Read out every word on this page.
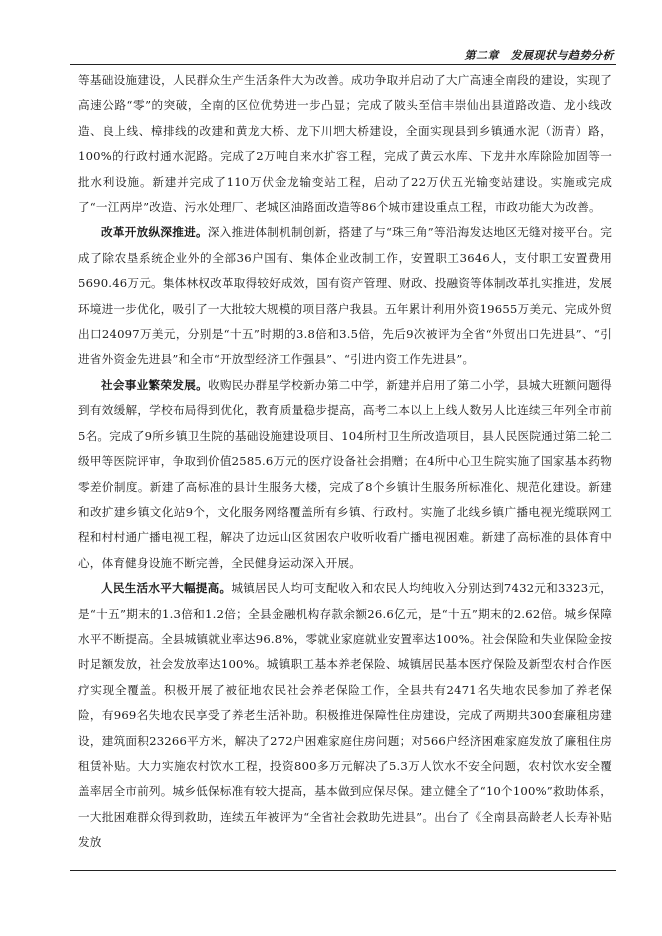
第二章　发展现状与趋势分析

等基础设施建设，人民群众生产生活条件大为改善。成功争取并启动了大广高速全南段的建设，实现了高速公路“零”的突破，全南的区位优势进一步凸显；完成了陂头至信丰崇仙出县道路改造、龙小线改造、良上线、樟排线的改建和黄龙大桥、龙下川垇大桥建设，全面实现县到乡镇通水泥（沥青）路，100%的行政村通水泥路。完成了2万吨自来水扩容工程，完成了黄云水库、下龙井水库除险加固等一批水利设施。新建并完成了110万伏金龙输变站工程，启动了22万伏五光输变站建设。实施或完成了“一江两岸”改造、污水处理厂、老城区油路面改造等86个城市建设重点工程，市政功能大为改善。

改革开放纵深推进。深入推进体制机制创新，搭建了与“珠三角”等沿海发达地区无缝对接平台。完成了除农垦系统企业外的全部36户国有、集体企业改制工作，安置职工3646人，支付职工安置费用5690.46万元。集体林权改革取得较好成效，国有资产管理、财政、投融资等体制改革扎实推进，发展环境进一步优化，吸引了一大批较大规模的项目落户我县。五年累计利用外资19655万美元、完成外贸出口24097万美元，分别是“十五”时期的3.8倍和3.5倍，先后9次被评为全省“外贸出口先进县”、“引进省外资金先进县”和全市“开放型经济工作强县”、“引进内资工作先进县”。

社会事业繁荣发展。收购民办群星学校新办第二中学，新建并启用了第二小学，县城大班额问题得到有效缓解，学校布局得到优化，教育质量稳步提高，高考二本以上上线人数另人比连续三年列全市前5名。完成了9所乡镇卫生院的基础设施建设项目、104所村卫生所改造项目，县人民医院通过第二轮二级甲等医院评审，争取到价值2585.6万元的医疗设备社会捐赠；在4所中心卫生院实施了国家基本药物零差价制度。新建了高标准的县计生服务大楼，完成了8个乡镇计生服务所标准化、规范化建设。新建和改扩建乡镇文化站9个，文化服务网络覆盖所有乡镇、行政村。实施了北线乡镇广播电视光缆联网工程和村村通广播电视工程，解决了边远山区贫困农户收听收看广播电视困难。新建了高标准的县体育中心，体育健身设施不断完善，全民健身运动深入开展。

人民生活水平大幅提高。城镇居民人均可支配收入和农民人均纯收入分别达到7432元和3323元，是“十五”期末的1.3倍和1.2倍；全县金融机构存款余额26.6亿元，是“十五”期末的2.62倍。城乡保障水平不断提高。全县城镇就业率达96.8%，零就业家庭就业安置率达100%。社会保险和失业保险金按时足额发放，社会发放率达100%。城镇职工基本养老保险、城镇居民基本医疗保险及新型农村合作医疗实现全覆盖。积极开展了被征地农民社会养老保险工作，全县共有2471名失地农民参加了养老保险，有969名失地农民享受了养老生活补助。积极推进保障性住房建设，完成了两期共300套廉租房建设，建筑面积23266平方米，解决了272户困难家庭住房问题；对566户经济困难家庭发放了廉租住房租赁补贴。大力实施农村饮水工程，投资800多万元解决了5.3万人饮水不安全问题，农村饮水安全覆盖率居全市前列。城乡低保标准有较大提高，基本做到应保尽保。建立健全了“10个100%”救助体系，一大批困难群众得到救助，连续五年被评为“全省社会救助先进县”。出台了《全南县高龄老人长寿补贴发放
